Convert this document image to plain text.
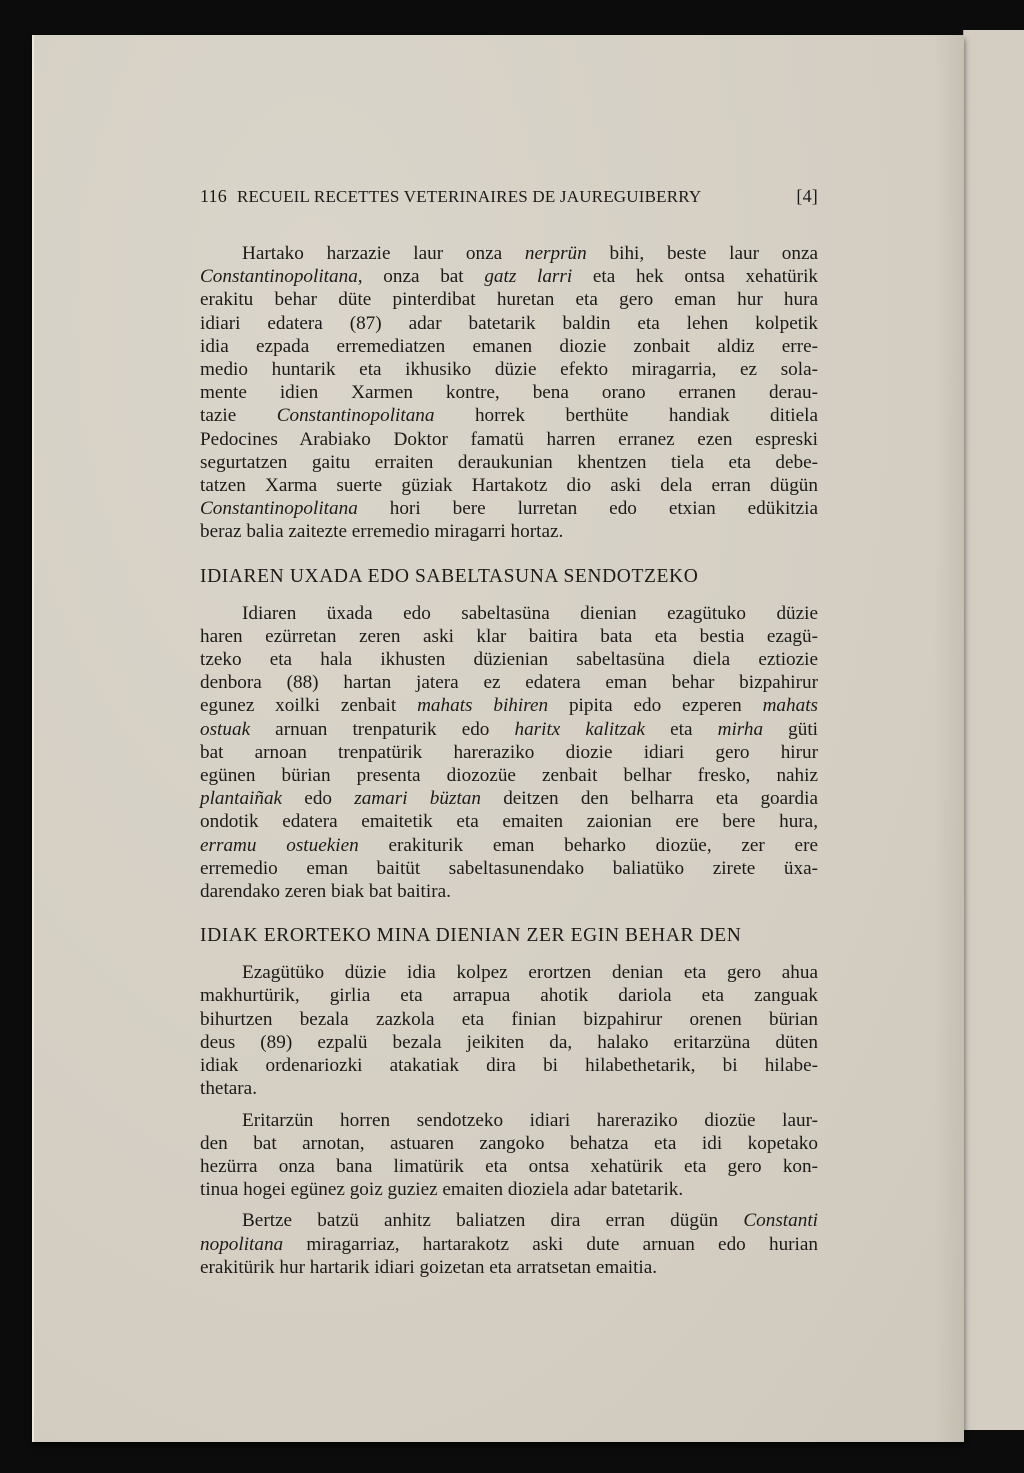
116 RECUEIL RECETTES VETERINAIRES DE JAUREGUIBERRY	[4]
Hartako harzazie laur onza nerprün bihi, beste laur onza
Constantinopolitana, onza bat gatz larri eta hek ontsa xehatürik
erakitu behar düte pinterdibat huretan eta gero eman hur hura
idiari edatera (87) adar batetarik baldin eta lehen kolpetik
idia ezpada erremediatzen emanen diozie zonbait aldiz erre-
medio huntarik eta ikhusiko düzie efekto miragarria, ez sola-
mente idien Xarmen kontre, bena orano erranen derau-
tazie Constantinopolitana horrek berthüte handiak ditiela
Pedocines Arabiako Doktor famatü harren erranez ezen espreski
segurtatzen gaitu erraiten deraukunian khentzen tiela eta debe-
tatzen Xarma suerte güziak Hartakotz dio aski dela erran dügün
Constantinopolitana hori bere lurretan edo etxian edükitzia
beraz balia zaitezte erremedio miragarri hortaz.
IDIAREN UXADA EDO SABELTASUNA SENDOTZEKO
Idiaren üxada edo sabeltasüna dienian ezagütuko düzie
haren ezürretan zeren aski klar baitira bata eta bestia ezagü-
tzeko eta hala ikhusten düzienian sabeltasüna diela eztiozie
denbora (88) hartan jatera ez edatera eman behar bizpahirur
egunez xoilki zenbait mahats bihiren pipita edo ezperen mahats
ostuak arnuan trenpaturik edo haritx kalitzak eta mirha güti
bat arnoan trenpatürik hareraziko diozie idiari gero hirur
egünen bürian presenta diozozüe zenbait belhar fresko, nahiz
plantaiñak edo zamari büztan deitzen den belharra eta goardia
ondotik edatera emaitetik eta emaiten zaionian ere bere hura,
erramu ostuekien erakiturik eman beharko diozüe, zer ere
erremedio eman baitüt sabeltasunendako baliatüko zirete üxa-
darendako zeren biak bat baitira.
IDIAK ERORTEKO MINA DIENIAN ZER EGIN BEHAR DEN
Ezagütüko düzie idia kolpez erortzen denian eta gero ahua
makhurtürik, girlia eta arrapua ahotik dariola eta zanguak
bihurtzen bezala zazkola eta finian bizpahirur orenen bürian
deus (89) ezpalü bezala jeikiten da, halako eritarzüna düten
idiak ordenariozki atakatiak dira bi hilabethetarik, bi hilabe-
thetara.
Eritarzün horren sendotzeko idiari hareraziko diozüe laur-
den bat arnotan, astuaren zangoko behatza eta idi kopetako
hezürra onza bana limatürik eta ontsa xehatürik eta gero kon-
tinua hogei egünez goiz guziez emaiten dioziela adar batetarik.
Bertze batzü anhitz baliatzen dira erran dügün Constanti
nopolitana miragarriaz, hartarakotz aski dute arnuan edo hurian
erakitürik hur hartarik idiari goizetan eta arratsetan emaitia.
